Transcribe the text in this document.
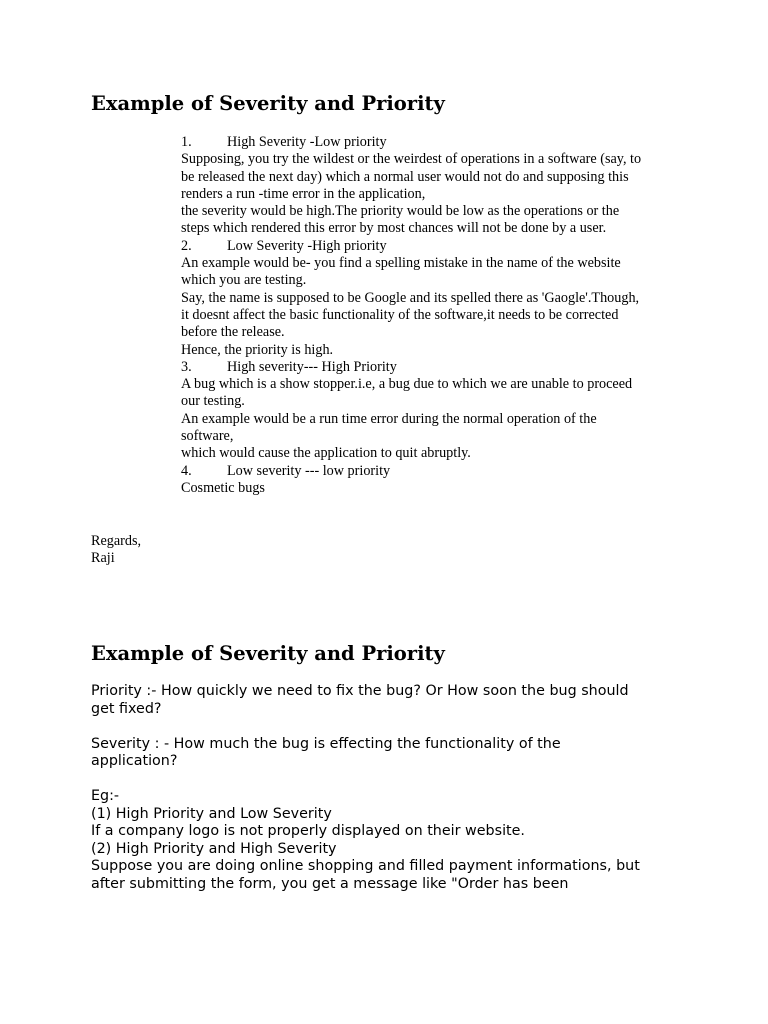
Example of Severity and Priority
1. High Severity -Low priority
Supposing, you try the wildest or the weirdest of operations in a software (say, to
be released the next day) which a normal user would not do and supposing this
renders a run -time error in the application,
the severity would be high.The priority would be low as the operations or the
steps which rendered this error by most chances will not be done by a user.
2. Low Severity -High priority
An example would be- you find a spelling mistake in the name of the website
which you are testing.
Say, the name is supposed to be Google and its spelled there as 'Gaogle'.Though,
it doesnt affect the basic functionality of the software,it needs to be corrected
before the release.
Hence, the priority is high.
3. High severity--- High Priority
A bug which is a show stopper.i.e, a bug due to which we are unable to proceed
our testing.
An example would be a run time error during the normal operation of the
software,
which would cause the application to quit abruptly.
4. Low severity --- low priority
Cosmetic bugs
Regards,
Raji
Example of Severity and Priority
Priority :- How quickly we need to fix the bug? Or How soon the bug should
get fixed?
Severity : - How much the bug is effecting the functionality of the
application?
Eg:-
(1) High Priority and Low Severity
If a company logo is not properly displayed on their website.
(2) High Priority and High Severity
Suppose you are doing online shopping and filled payment informations, but
after submitting the form, you get a message like "Order has been
